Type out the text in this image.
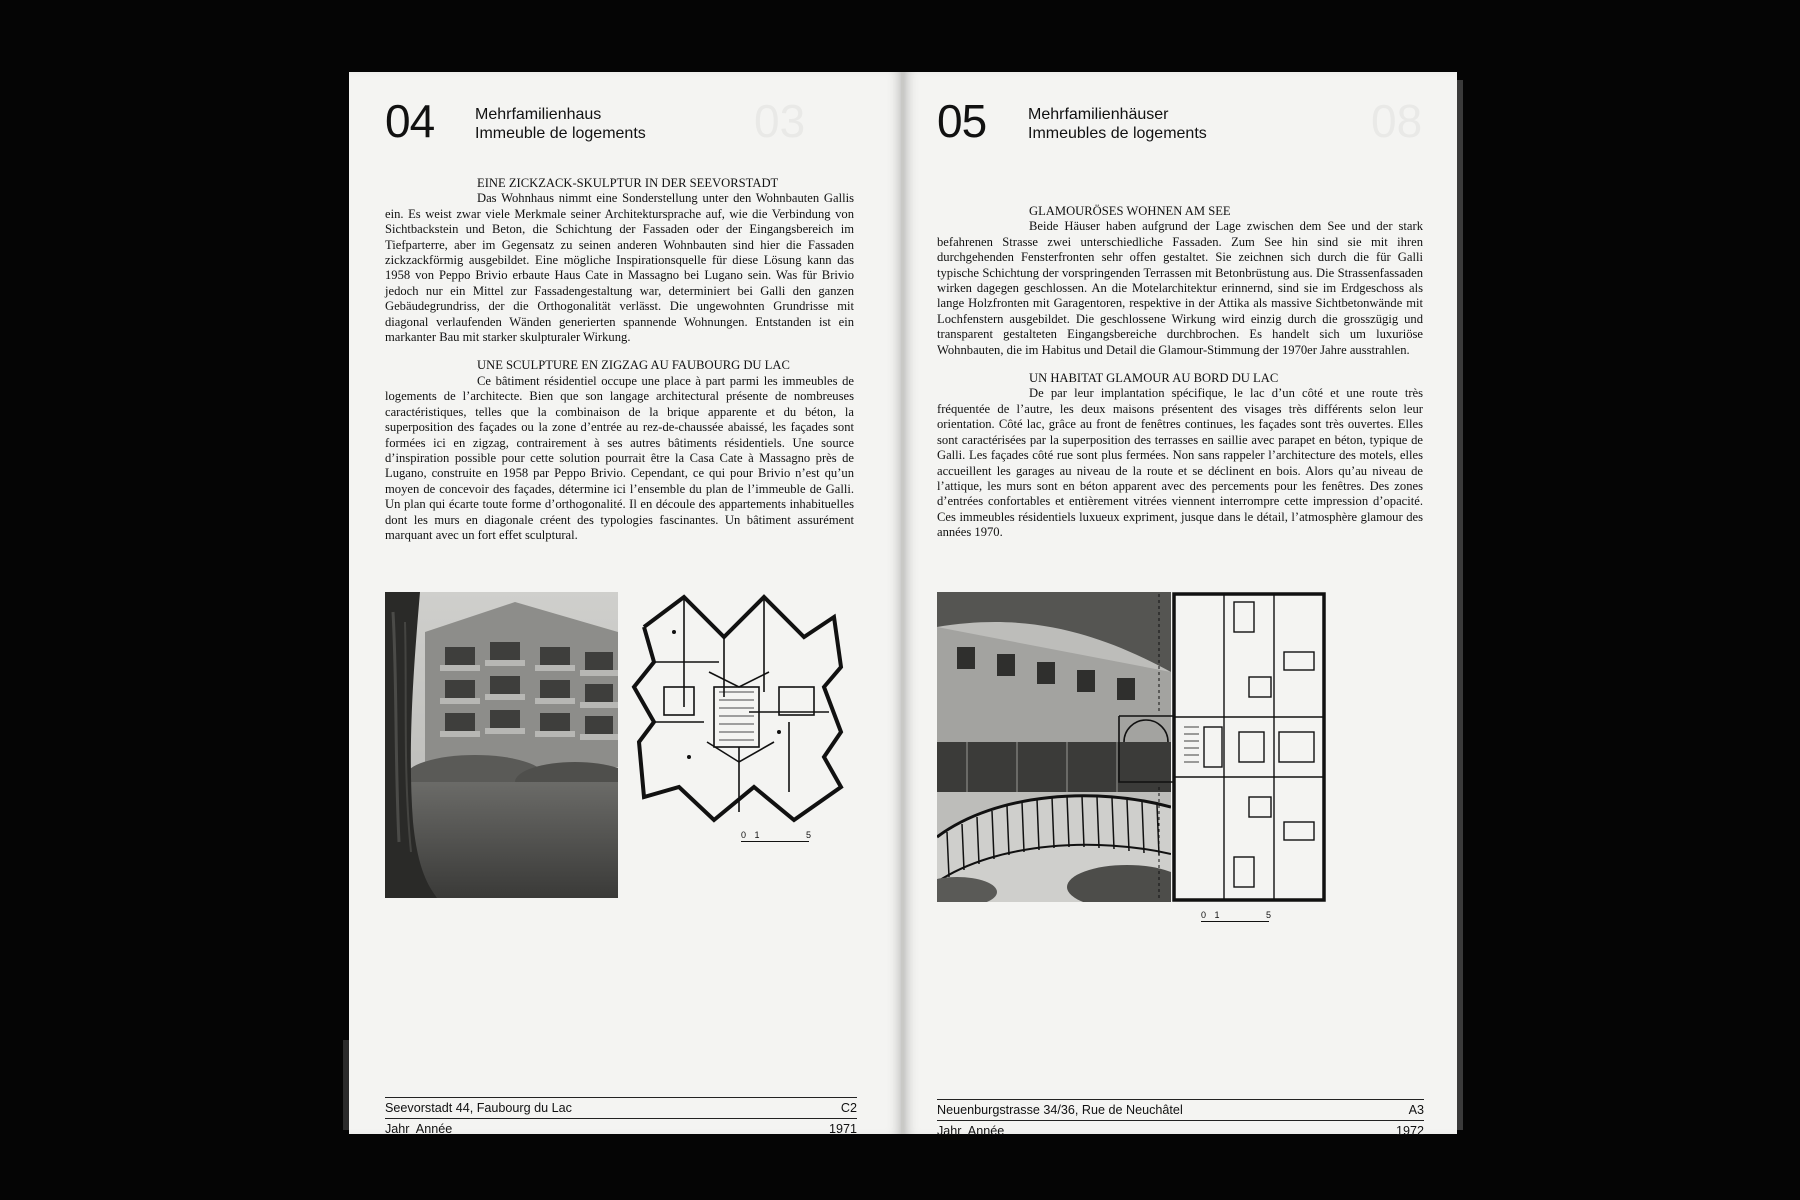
03
04	Mehrfamilienhaus
Immeuble de logements
EINE ZICKZACK-SKULPTUR IN DER SEEVORSTADT

Das Wohnhaus nimmt eine Sonderstellung unter den Wohnbauten Gallis ein. Es weist zwar viele Merkmale seiner Architektursprache auf, wie die Verbindung von Sichtbackstein und Beton, die Schichtung der Fassaden oder der Eingangsbereich im Tiefparterre, aber im Gegensatz zu seinen anderen Wohnbauten sind hier die Fassaden zickzackförmig ausgebildet. Eine mögliche Inspirationsquelle für diese Lösung kann das 1958 von Peppo Brivio erbaute Haus Cate in Massagno bei Lugano sein. Was für Brivio jedoch nur ein Mittel zur Fassadengestaltung war, determiniert bei Galli den ganzen Gebäudegrundriss, der die Orthogonalität verlässt. Die ungewohnten Grundrisse mit diagonal verlaufenden Wänden generierten spannende Wohnungen. Entstanden ist ein markanter Bau mit starker skulpturaler Wirkung.

UNE SCULPTURE EN ZIGZAG AU FAUBOURG DU LAC

Ce bâtiment résidentiel occupe une place à part parmi les immeubles de logements de l’architecte. Bien que son langage architectural présente de nombreuses caractéristiques, telles que la combinaison de la brique apparente et du béton, la superposition des façades ou la zone d’entrée au rez-de-chaussée abaissé, les façades sont formées ici en zigzag, contrairement à ses autres bâtiments résidentiels. Une source d’inspiration possible pour cette solution pourrait être la Casa Cate à Massagno près de Lugano, construite en 1958 par Peppo Brivio. Cependant, ce qui pour Brivio n’est qu’un moyen de concevoir des façades, détermine ici l’ensemble du plan de l’immeuble de Galli. Un plan qui écarte toute forme d’orthogonalité. Il en découle des appartements inhabituelles dont les murs en diagonale créent des typologies fascinantes. Un bâtiment assurément marquant avec un fort effet sculptural.

0 1	5
Seevorstadt 44, Faubourg du Lac	C2
Jahr  Année	1971
08
05	Mehrfamilienhäuser
Immeubles de logements
GLAMOURÖSES WOHNEN AM SEE

Beide Häuser haben aufgrund der Lage zwischen dem See und der stark befahrenen Strasse zwei unterschiedliche Fassaden. Zum See hin sind sie mit ihren durchgehenden Fensterfronten sehr offen gestaltet. Sie zeichnen sich durch die für Galli typische Schichtung der vorspringenden Terrassen mit Betonbrüstung aus. Die Strassenfassaden wirken dagegen geschlossen. An die Motelarchitektur erinnernd, sind sie im Erdgeschoss als lange Holzfronten mit Garagentoren, respektive in der Attika als massive Sichtbetonwände mit Lochfenstern ausgebildet. Die geschlossene Wirkung wird einzig durch die grosszügig und transparent gestalteten Eingangsbereiche durchbrochen. Es handelt sich um luxuriöse Wohnbauten, die im Habitus und Detail die Glamour-Stimmung der 1970er Jahre ausstrahlen.

UN HABITAT GLAMOUR AU BORD DU LAC

De par leur implantation spécifique, le lac d’un côté et une route très fréquentée de l’autre, les deux maisons présentent des visages très différents selon leur orientation. Côté lac, grâce au front de fenêtres continues, les façades sont très ouvertes. Elles sont caractérisées par la superposition des terrasses en saillie avec parapet en béton, typique de Galli. Les façades côté rue sont plus fermées. Non sans rappeler l’architecture des motels, elles accueillent les garages au niveau de la route et se déclinent en bois. Alors qu’au niveau de l’attique, les murs sont en béton apparent avec des percements pour les fenêtres. Des zones d’entrées confortables et entièrement vitrées viennent interrompre cette impression d’opacité. Ces immeubles résidentiels luxueux expriment, jusque dans le détail, l’atmosphère glamour des années 1970.

0 1	5
Neuenburgstrasse 34/36, Rue de Neuchâtel	A3
Jahr  Année	1972
